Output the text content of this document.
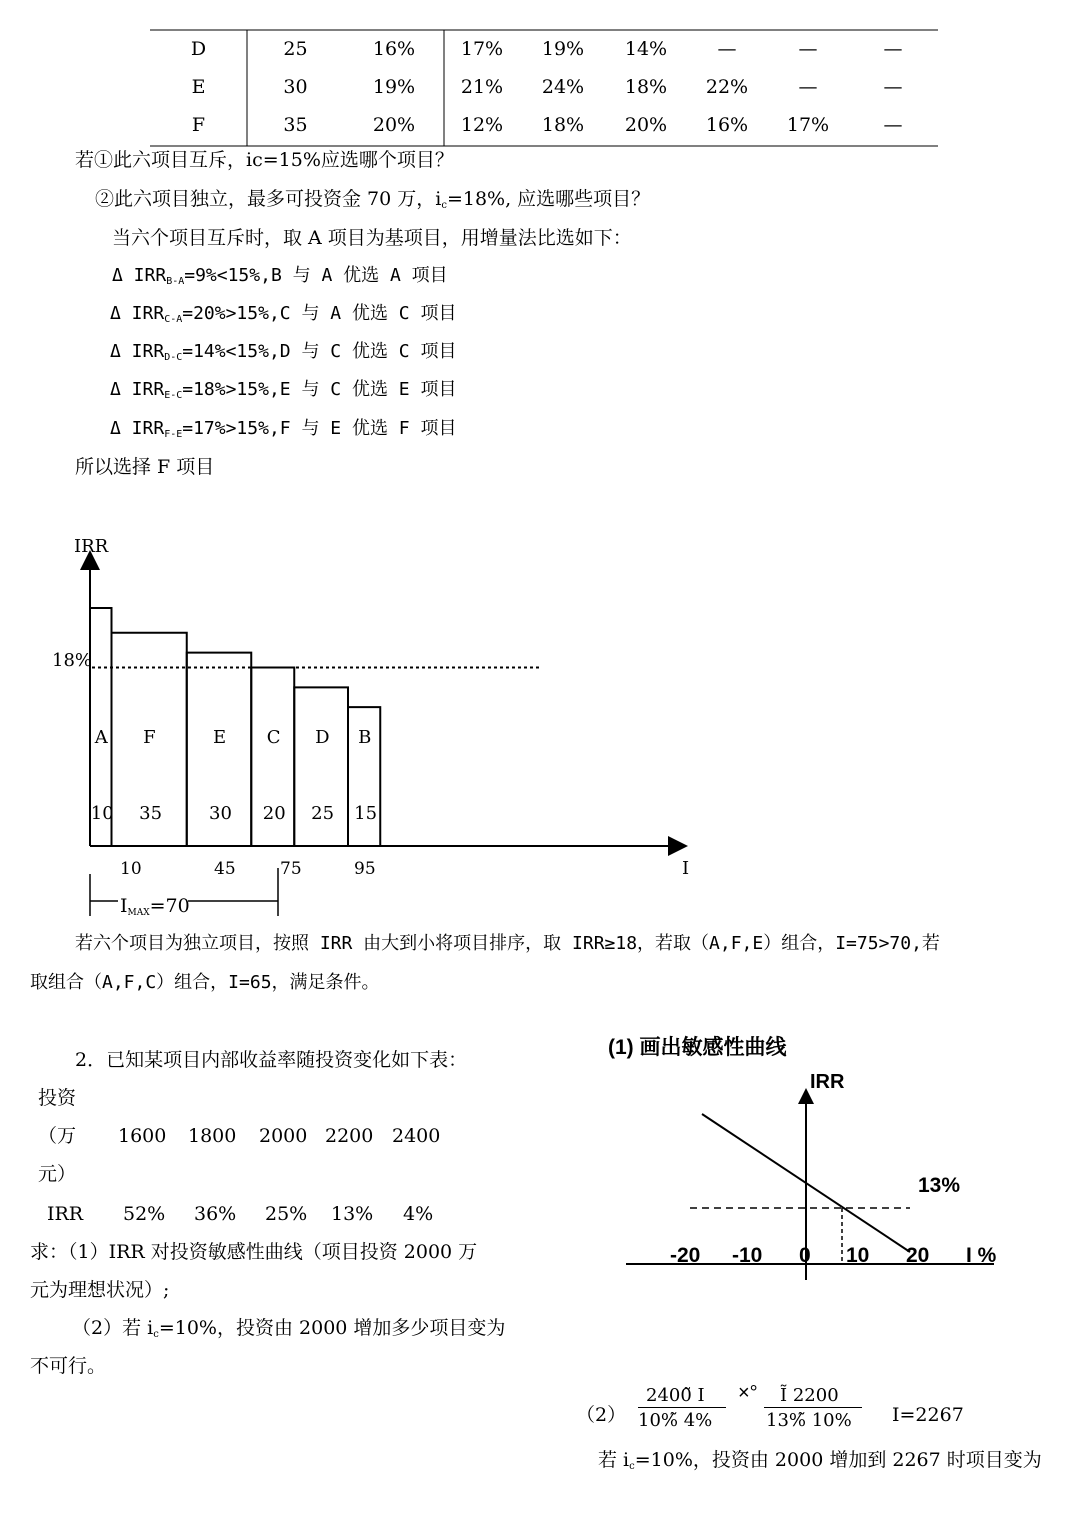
D	25	16%	17%	19%	14%	—	—	—
E	30	19%	21%	24%	18%	22%	—	—
F	35	20%	12%	18%	20%	16%	17%	—
若①此六项目互斥，ic=15%应选哪个项目？
②此六项目独立，最多可投资金 70 万，$i_c=18\%$, 应选哪些项目？
当六个项目互斥时，取 A 项目为基项目，用增量法比选如下：
Δ $IRR_{B-A}=9\%<15\%,B$ 与 A 优选 A 项目
Δ $IRR_{C-A}=20\%>15\%,C$ 与 A 优选 C 项目
Δ $IRR_{D-C}=14\%<15\%,D$ 与 C 优选 C 项目
Δ $IRR_{E-C}=18\%>15\%,E$ 与 C 优选 E 项目
Δ $IRR_{F-E}=17\%>15\%,F$ 与 E 优选 F 项目
所以选择 F 项目
IRR
I
18%
A
10
F
35
E
30
C
20
D
25
B
15
10	45	75	95
IMAX=70
若六个项目为独立项目，按照 IRR 由大到小将项目排序，取 IRR≥18，若取（A,F,E）组合，I=75>70,若
取组合（A,F,C）组合，I=65，满足条件。
2．已知某项目内部收益率随投资变化如下表：
投资
（万
元）
1600 1800 2000 2200 2400
IRR 52% 36% 25% 13% 4%
求：（1）IRR 对投资敏感性曲线（项目投资 2000 万
元为理想状况）;
（2）若 $i_c=10\%$，投资由 2000 增加多少项目变为
不可行。
(1) 画出敏感性曲线
IRR
13%
-20 -10 0 10 20 I %
（2）
2400̃ I
10%̃ 4%
×° Ĩ 2200
13%̃ 10% I=2267
若 $i_c=10\%$，投资由 2000 增加到 2267 时项目变为
